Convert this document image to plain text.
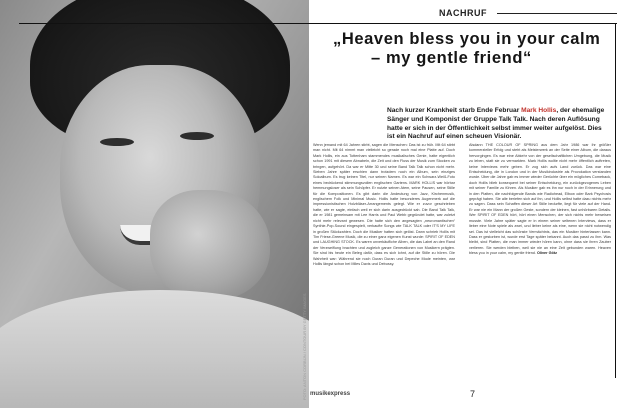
FOTO: ANTON CORBIJN / CONTOUR BY GETTY IMAGES
NACHRUF
„Heaven bless you in your calm
– my gentle friend“

Nach kurzer Krankheit starb Ende Februar Mark Hollis, der ehemalige Sänger und Komponist der Gruppe Talk Talk. Nach deren Auflösung hatte er sich in der Öffentlichkeit selbst immer weiter aufgelöst. Dies ist ein Nachruf auf einen scheuen Visionär.

Wenn jemand mit 64 Jahren stirbt, sagen die Menschen: Das ist zu früh. Mit 64 stirbt man nicht. Mit 64 nimmt man vielleicht so gerade noch mal eine Platte auf. Doch Mark Hollis, ein aus Tottenham stammendes musikalisches Genie, hatte eigentlich schon 1991 mit diesem Abnabeln, die Zeit und den Fluss der Musik zum Stocken zu bringen, aufgehört. Da war er Mitte 30 und seine Band Talk Talk schon nicht mehr. Sieben Jahre später erschien dann trotzdem noch ein Album, sein einziges Soloalbum. Es trug keinen Titel, nur seinen Namen. Es war ein Schwarz-Weiß-Foto eines bedrückend stimmungsvollen englischen Gartens. MARK HOLLIS war hörbar hemmungsloser als sein Schöpfer. Er nutzte seinen Atem, seine Pausen, seine Stille für die Kompositionen. Es gibt darin die Andeutung von Jazz, Kirchenmusik, englischem Folk und Minimal Music. Hollis hatte besonderes Augenmerk auf die impressionistischen Holzbläser-Arrangements gelegt. Wie er zuvor geschrieben hatte, wie er sagte, einfach weil er sich darin ausgedrückt sah. Die Band Talk Talk, die er 1981 gemeinsam mit Lee Harris und Paul Webb gegründet hatte, war zuletzt nicht mehr relevant gewesen. Die hatte sich den angesagten „neuromantischen“ Synthie-Pop-Sound eingespielt, verkaufte Songs wie TALK TALK oder IT'S MY LIFE in großen Stückzahlen. Doch die Musiker hatten sich gelöst. Dann schrieb Hollis mit Tim Friese-Greene Musik, die zu einer ganz eigenen Kunst wurde: SPIRIT OF EDEN und LAUGHING STOCK. Es waren unverkäufliche Alben, die das Label an den Rand der Verzweiflung brachten und zugleich ganze Generationen von Musikern prägten. Sie sind bis heute ein Beleg dafür, dass es sich lohnt, auf die Stille zu hören. Die Wahrheit war: Während sie noch Duran Duran und Depeche Mode meinten, war Hollis längst schon bei Miles Davis und Debussy.

Alsdann THE COLOUR OF SPRING aus dem Jahr 1986 war ihr größter kommerzieller Erfolg und steht als Meisterwerk an der Seite einer Album, die daraus hervorgingen. Es war eine Abkehr von der gesellschaftlichen Umgebung, die Musik zu leben, statt sie zu vermarkten. Mark Hollis wollte nicht mehr öffentlich auftreten, keine Interviews mehr geben. Er zog sich aufs Land zurück. Das war eine Entscheidung, die in London und in der Musikindustrie als Provokation verstanden wurde. Über die Jahre gab es immer wieder Gerüchte über ein mögliches Comeback, doch Hollis blieb konsequent bei seiner Entscheidung, ein zurückgezogenes Leben mit seiner Familie zu führen. Als Musiker gab es ihn nur noch in der Erinnerung und in den Platten, die nachfolgende Bands wie Radiohead, Elbow oder Bark Psychosis geprägt haben. Sie alle beriefen sich auf ihn, und Hollis selbst hatte dazu nichts mehr zu sagen. Dass sein Schaffen dieser Art Stille bedurfte, liegt für viele auf der Hand. Er war nie ein Mann der großen Geste, sondern der kleinen, fast unhörbaren Details. Wer SPIRIT OF EDEN hört, hört einen Menschen, der sich nichts mehr beweisen musste. Viele Jahre später sagte er in einem seiner seltenen Interviews, dass er lieber eine Note spiele als zwei, und lieber keine als eine, wenn sie nicht notwendig sei. Das ist vielleicht das schönste Vermächtnis, das ein Musiker hinterlassen kann. Dass er gestorben ist, wurde erst Tage später bekannt. Auch das passt zu ihm. Was bleibt, sind Platten, die man immer wieder hören kann, ohne dass sie ihren Zauber verlieren. Sie werden bleiben, weil sie nie an eine Zeit gebunden waren. Heaven bless you in your calm, my gentle friend. Oliver Götz

musikexpress	7
